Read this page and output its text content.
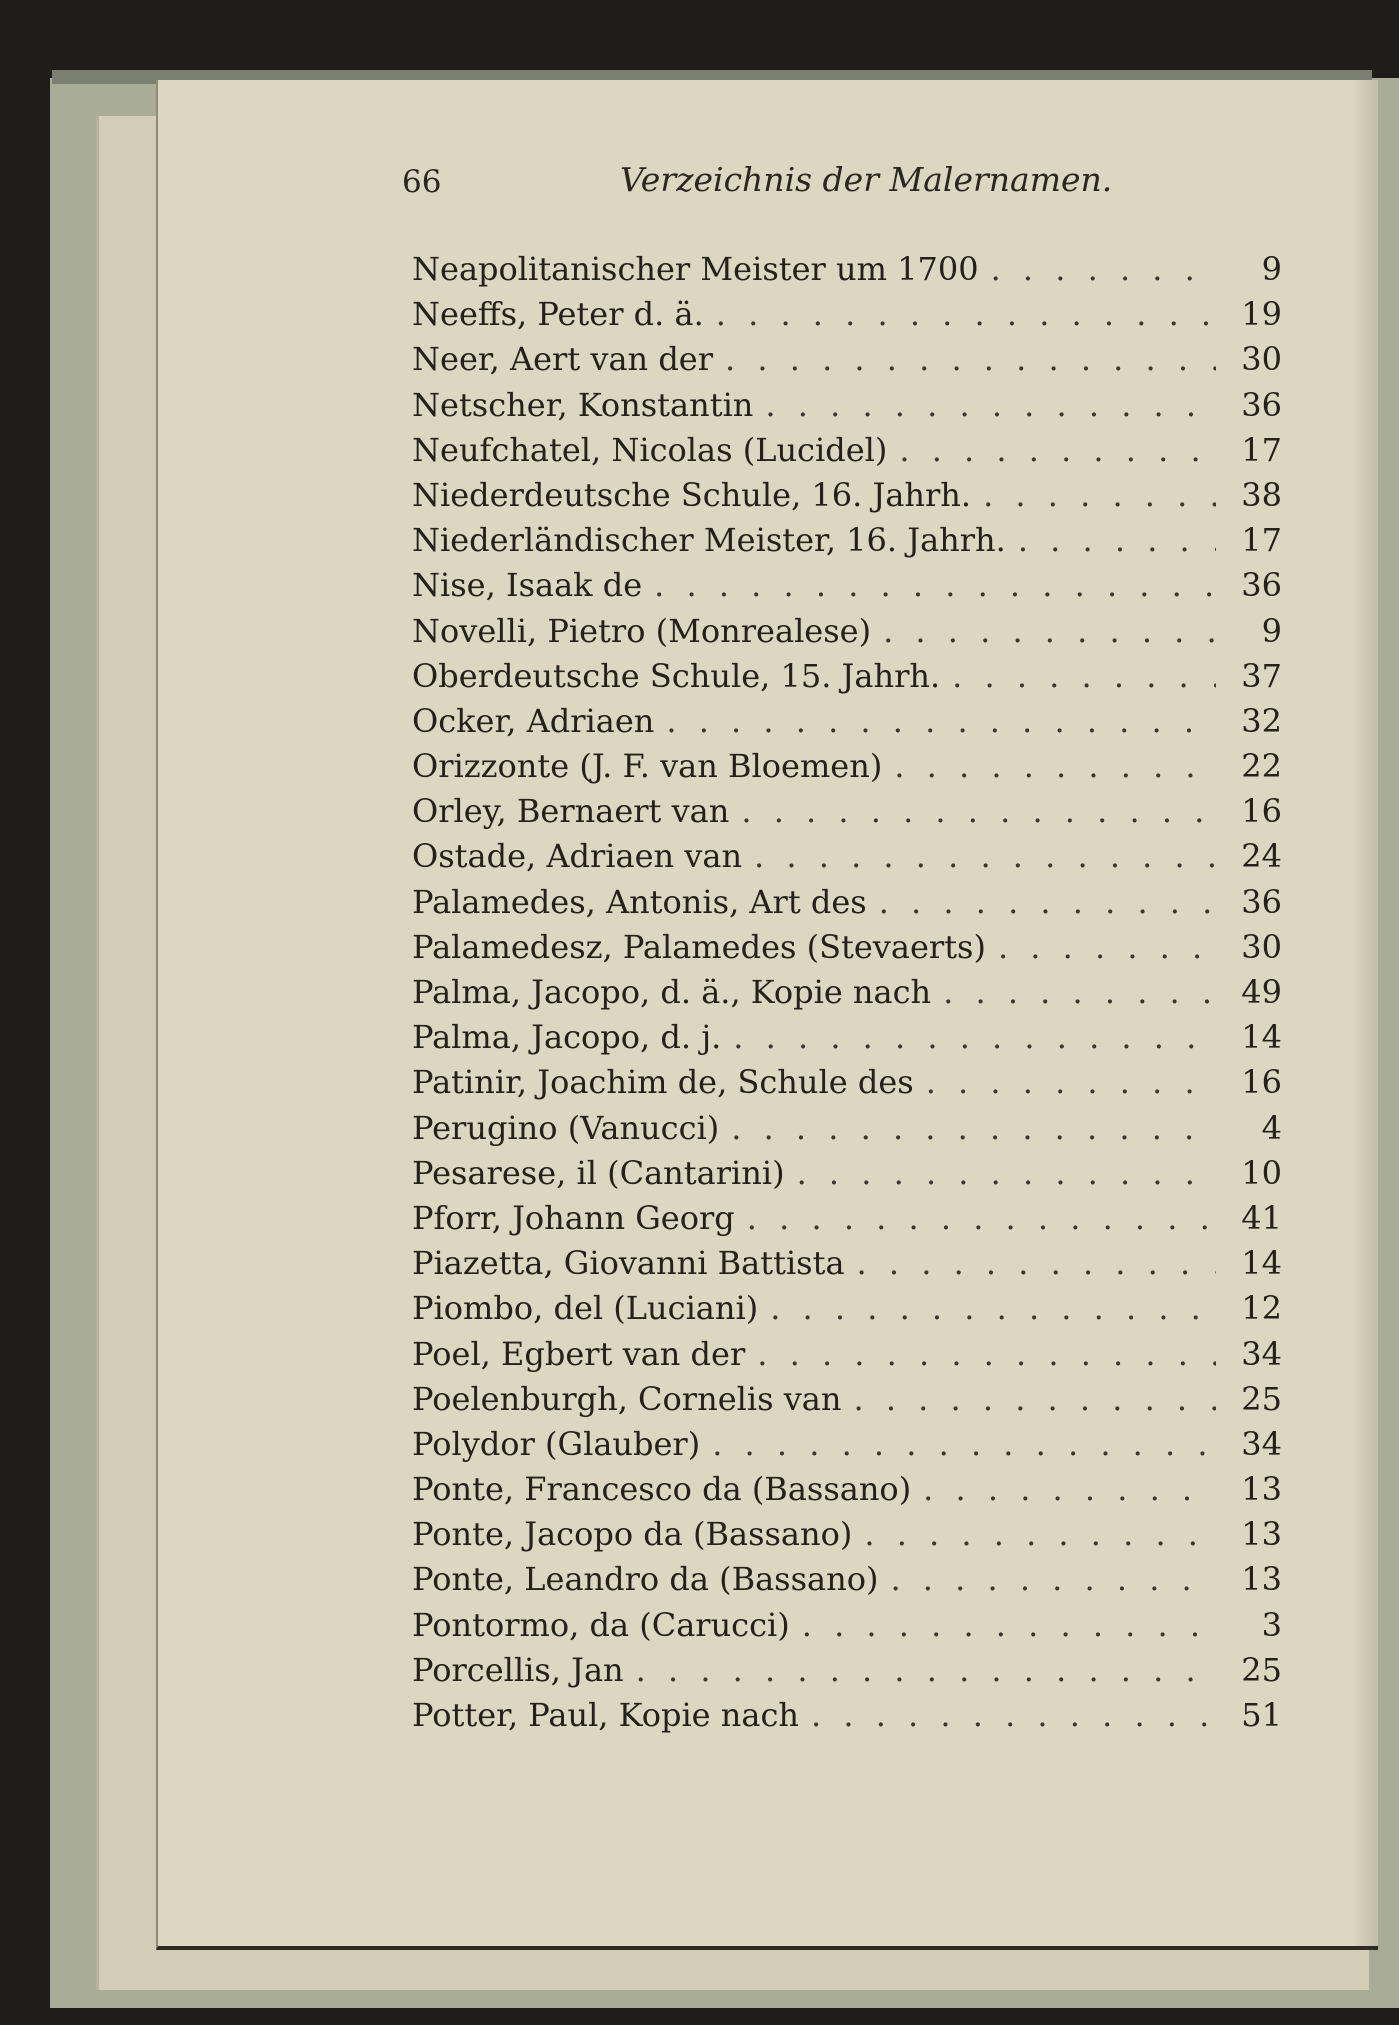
66	Verzeichnis der Malernamen.
Neapolitanischer Meister um 1700 . . .	9
Neeffs, Peter d. ä. . . .	19
Neer, Aert van der . . .	30
Netscher, Konstantin . . .	36
Neufchatel, Nicolas (Lucidel) . . .	17
Niederdeutsche Schule, 16. Jahrh. . . .	38
Niederländischer Meister, 16. Jahrh. . . .	17
Nise, Isaak de . . .	36
Novelli, Pietro (Monrealese) . . .	9
Oberdeutsche Schule, 15. Jahrh. . . .	37
Ocker, Adriaen . . .	32
Orizzonte (J. F. van Bloemen) . . .	22
Orley, Bernaert van . . .	16
Ostade, Adriaen van . . .	24
Palamedes, Antonis, Art des . . .	36
Palamedesz, Palamedes (Stevaerts) . . .	30
Palma, Jacopo, d. ä., Kopie nach . . .	49
Palma, Jacopo, d. j. . . .	14
Patinir, Joachim de, Schule des . . .	16
Perugino (Vanucci) . . .	4
Pesarese, il (Cantarini) . . .	10
Pforr, Johann Georg . . .	41
Piazetta, Giovanni Battista . . .	14
Piombo, del (Luciani) . . .	12
Poel, Egbert van der . . .	34
Poelenburgh, Cornelis van . . .	25
Polydor (Glauber) . . .	34
Ponte, Francesco da (Bassano) . . .	13
Ponte, Jacopo da (Bassano) . . .	13
Ponte, Leandro da (Bassano) . . .	13
Pontormo, da (Carucci) . . .	3
Porcellis, Jan . . .	25
Potter, Paul, Kopie nach . . .	51
